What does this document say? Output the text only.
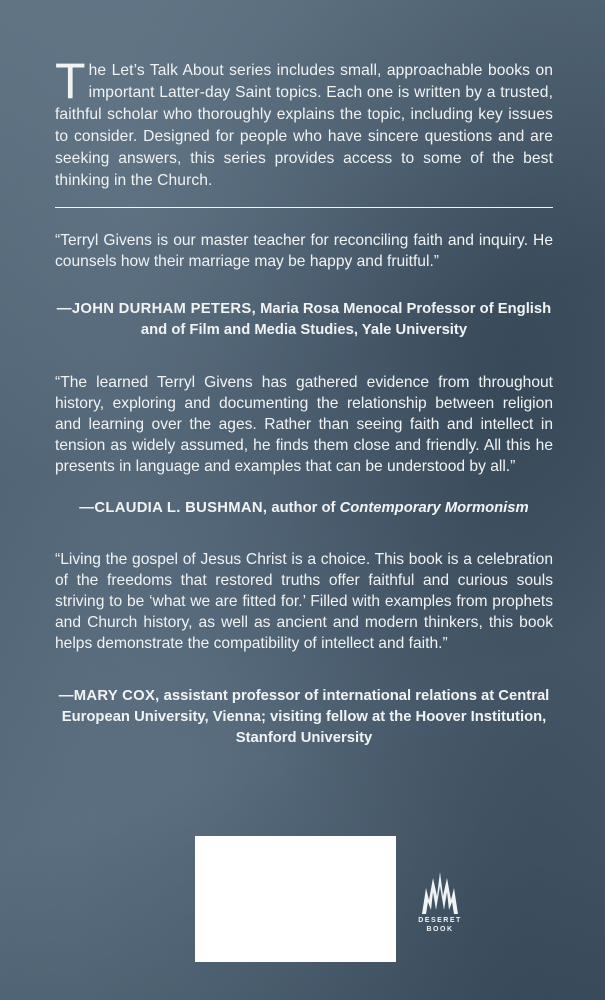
The Let’s Talk About series includes small, approachable books on important Latter-day Saint topics. Each one is written by a trusted, faithful scholar who thoroughly explains the topic, including key issues to consider. Designed for people who have sincere questions and are seeking answers, this series provides access to some of the best thinking in the Church.
“Terryl Givens is our master teacher for reconciling faith and inquiry. He counsels how their marriage may be happy and fruitful.”
—JOHN DURHAM PETERS, Maria Rosa Menocal Professor of English and of Film and Media Studies, Yale University
“The learned Terryl Givens has gathered evidence from throughout history, exploring and documenting the relationship between religion and learning over the ages. Rather than seeing faith and intellect in tension as widely assumed, he finds them close and friendly. All this he presents in language and examples that can be understood by all.”
—CLAUDIA L. BUSHMAN, author of Contemporary Mormonism
“Living the gospel of Jesus Christ is a choice. This book is a celebration of the freedoms that restored truths offer faithful and curious souls striving to be ‘what we are fitted for.’ Filled with examples from prophets and Church history, as well as ancient and modern thinkers, this book helps demonstrate the compatibility of intellect and faith.”
—MARY COX, assistant professor of international relations at Central European University, Vienna; visiting fellow at the Hoover Institution, Stanford University
DESERET
BOOK
